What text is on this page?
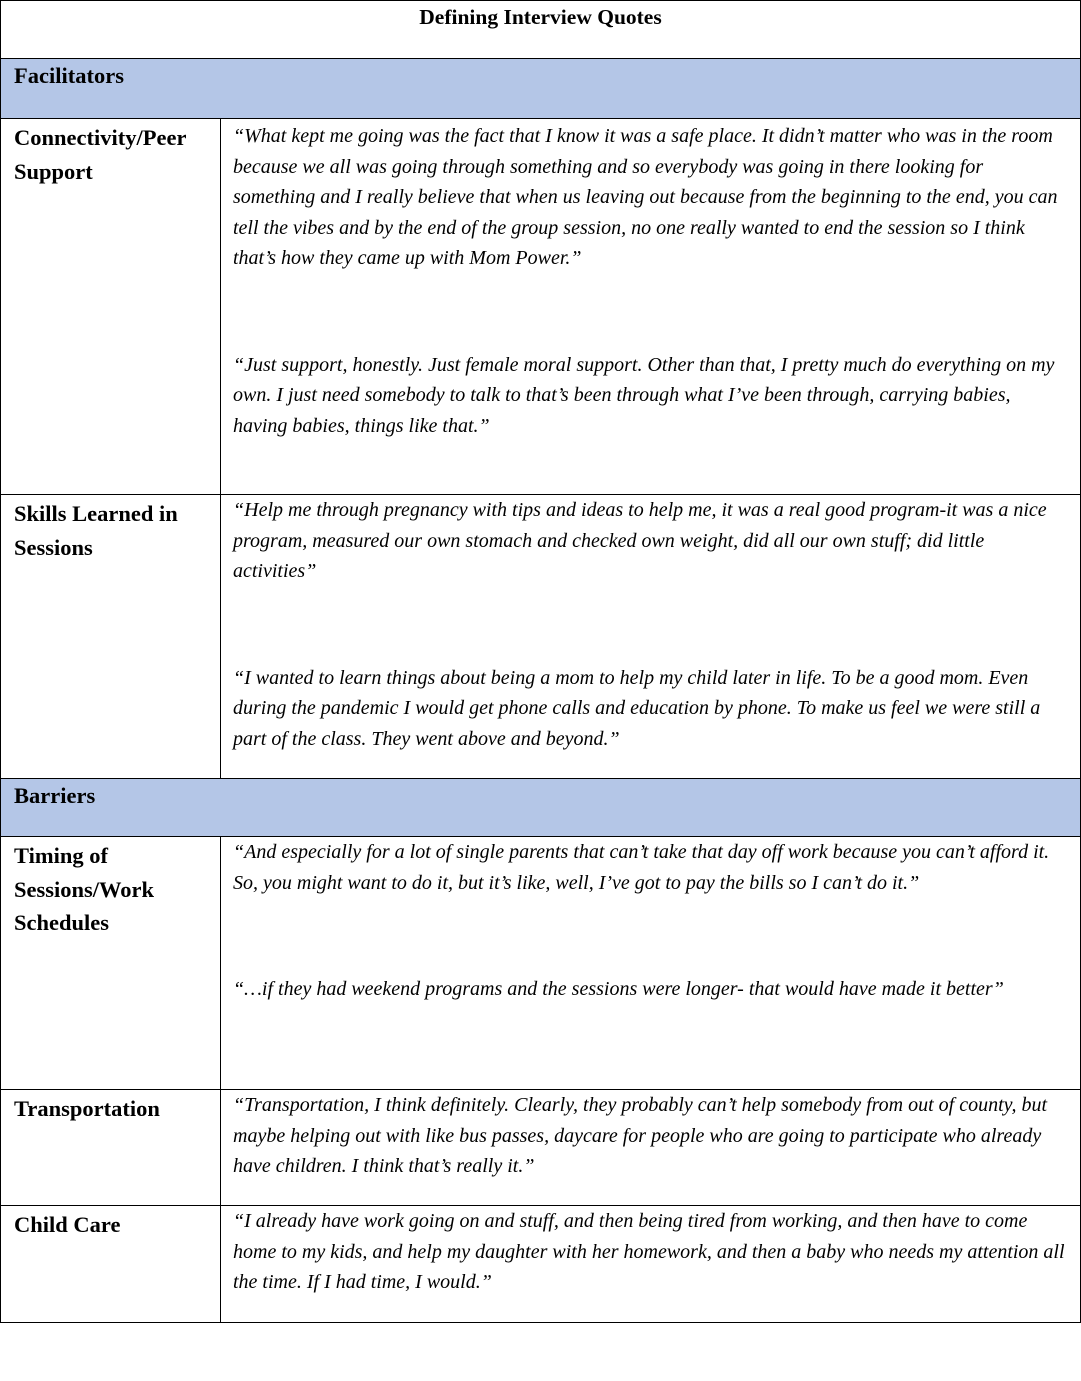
Defining Interview Quotes
Facilitators
Connectivity/Peer Support

“What kept me going was the fact that I know it was a safe place. It didn’t matter who was in the room because we all was going through something and so everybody was going in there looking for something and I really believe that when us leaving out because from the beginning to the end, you can tell the vibes and by the end of the group session, no one really wanted to end the session so I think that’s how they came up with Mom Power.”

“Just support, honestly. Just female moral support. Other than that, I pretty much do everything on my own. I just need somebody to talk to that’s been through what I’ve been through, carrying babies, having babies, things like that.”

Skills Learned in Sessions

“Help me through pregnancy with tips and ideas to help me, it was a real good program-it was a nice program, measured our own stomach and checked own weight, did all our own stuff; did little activities”

“I wanted to learn things about being a mom to help my child later in life. To be a good mom. Even during the pandemic I would get phone calls and education by phone. To make us feel we were still a part of the class. They went above and beyond.”

Barriers
Timing of Sessions/Work Schedules

“And especially for a lot of single parents that can’t take that day off work because you can’t afford it. So, you might want to do it, but it’s like, well, I’ve got to pay the bills so I can’t do it.”

“…if they had weekend programs and the sessions were longer- that would have made it better”

Transportation	“Transportation, I think definitely. Clearly, they probably can’t help somebody from out of county, but maybe helping out with like bus passes, daycare for people who are going to participate who already have children. I think that’s really it.”

Child Care	“I already have work going on and stuff, and then being tired from working, and then have to come home to my kids, and help my daughter with her homework, and then a baby who needs my attention all the time. If I had time, I would.”
